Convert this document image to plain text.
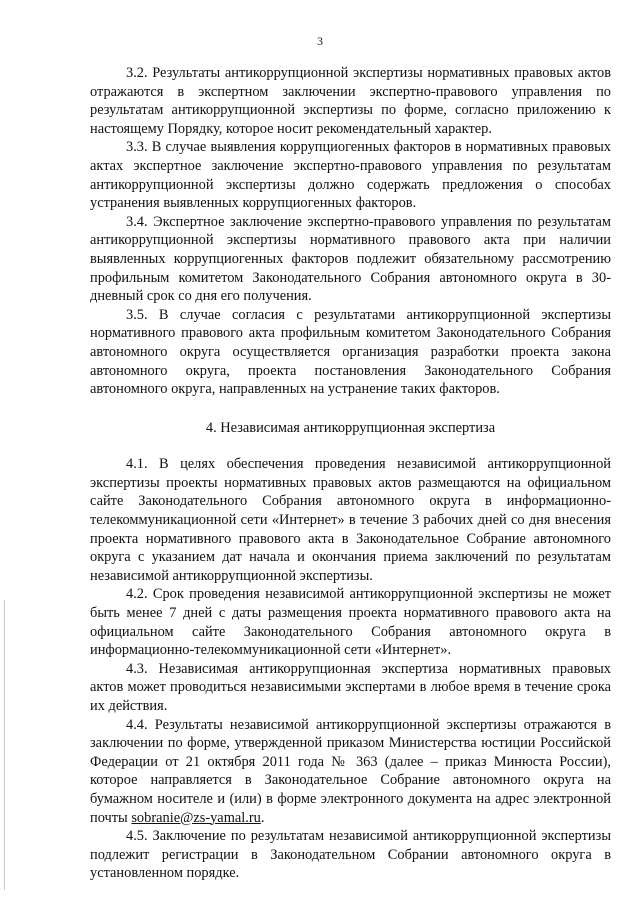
3

3.2. Результаты антикоррупционной экспертизы нормативных правовых актов отражаются в экспертном заключении экспертно-правового управления по результатам антикоррупционной экспертизы по форме, согласно приложению к настоящему Порядку, которое носит рекомендательный характер.

3.3. В случае выявления коррупциогенных факторов в нормативных правовых актах экспертное заключение экспертно-правового управления по результатам антикоррупционной экспертизы должно содержать предложения о способах устранения выявленных коррупциогенных факторов.

3.4. Экспертное заключение экспертно-правового управления по результатам антикоррупционной экспертизы нормативного правового акта при наличии выявленных коррупциогенных факторов подлежит обязательному рассмотрению профильным комитетом Законодательного Собрания автономного округа в 30-дневный срок со дня его получения.

3.5. В случае согласия с результатами антикоррупционной экспертизы нормативного правового акта профильным комитетом Законодательного Собрания автономного округа осуществляется организация разработки проекта закона автономного округа, проекта постановления Законодательного Собрания автономного округа, направленных на устранение таких факторов.

4. Независимая антикоррупционная экспертиза

4.1. В целях обеспечения проведения независимой антикоррупционной экспертизы проекты нормативных правовых актов размещаются на официальном сайте Законодательного Собрания автономного округа в информационно-телекоммуникационной сети «Интернет» в течение 3 рабочих дней со дня внесения проекта нормативного правового акта в Законодательное Собрание автономного округа с указанием дат начала и окончания приема заключений по результатам независимой антикоррупционной экспертизы.

4.2. Срок проведения независимой антикоррупционной экспертизы не может быть менее 7 дней с даты размещения проекта нормативного правового акта на официальном сайте Законодательного Собрания автономного округа в информационно-телекоммуникационной сети «Интернет».

4.3. Независимая антикоррупционная экспертиза нормативных правовых актов может проводиться независимыми экспертами в любое время в течение срока их действия.

4.4. Результаты независимой антикоррупционной экспертизы отражаются в заключении по форме, утвержденной приказом Министерства юстиции Российской Федерации от 21 октября 2011 года № 363 (далее – приказ Минюста России), которое направляется в Законодательное Собрание автономного округа на бумажном носителе и (или) в форме электронного документа на адрес электронной почты sobranie@zs-yamal.ru.

4.5. Заключение по результатам независимой антикоррупционной экспертизы подлежит регистрации в Законодательном Собрании автономного округа в установленном порядке.
